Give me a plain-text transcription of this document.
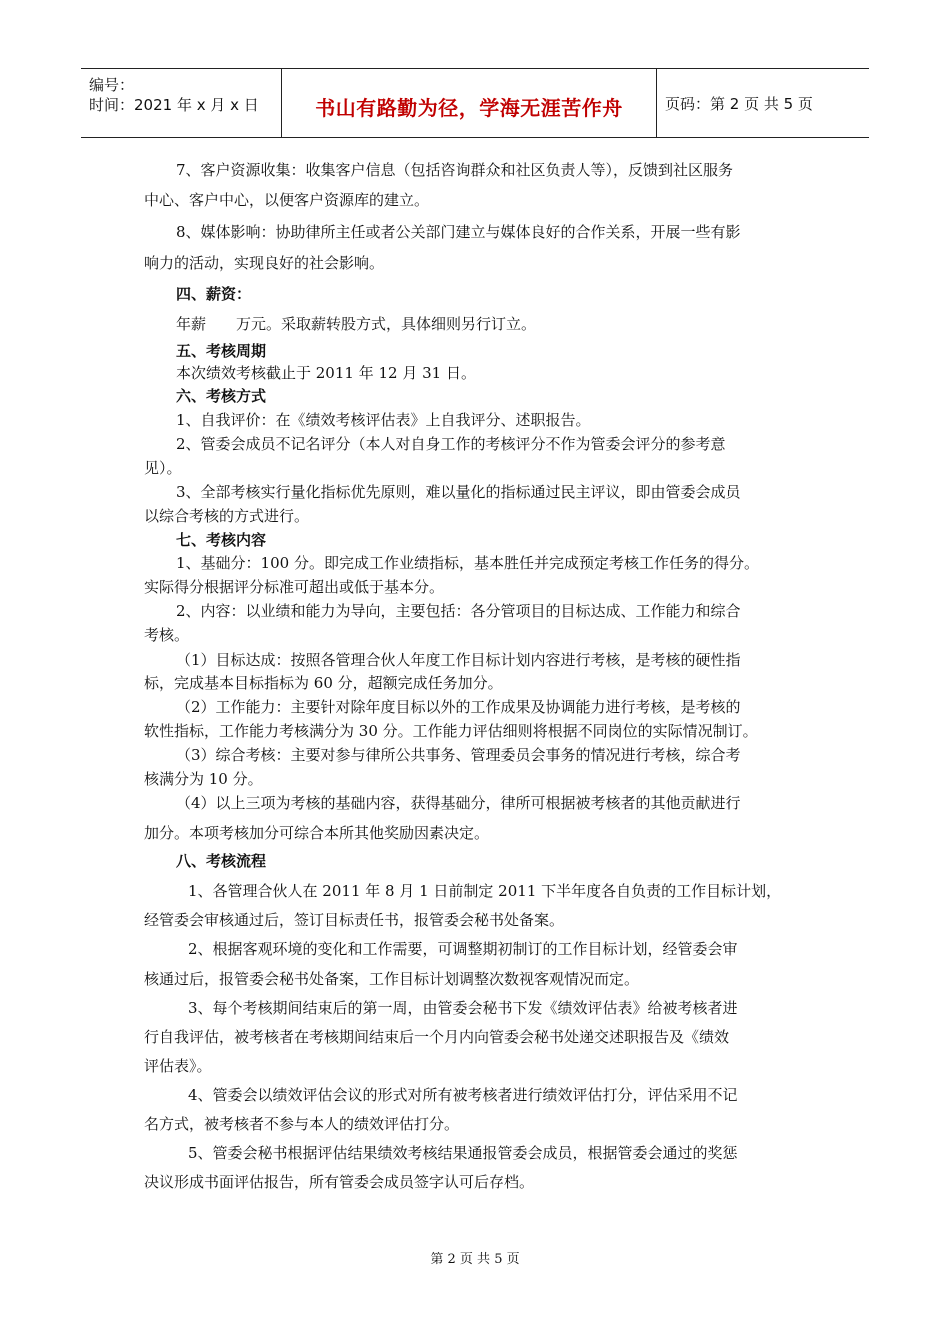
编号：
时间：2021 年 x 月 x 日	书山有路勤为径，学海无涯苦作舟	页码：第 2 页 共 5 页
7、客户资源收集：收集客户信息（包括咨询群众和社区负责人等），反馈到社区服务
中心、客户中心，以便客户资源库的建立。
8、媒体影响：协助律所主任或者公关部门建立与媒体良好的合作关系，开展一些有影
响力的活动，实现良好的社会影响。
四、薪资：
年薪　　万元。采取薪转股方式，具体细则另行订立。
五、考核周期
本次绩效考核截止于 2011 年 12 月 31 日。
六、考核方式
1、自我评价：在《绩效考核评估表》上自我评分、述职报告。
2、管委会成员不记名评分（本人对自身工作的考核评分不作为管委会评分的参考意
见）。
3、全部考核实行量化指标优先原则，难以量化的指标通过民主评议，即由管委会成员
以综合考核的方式进行。
七、考核内容
1、基础分：100 分。即完成工作业绩指标，基本胜任并完成预定考核工作任务的得分。
实际得分根据评分标准可超出或低于基本分。
2、内容：以业绩和能力为导向，主要包括：各分管项目的目标达成、工作能力和综合
考核。
（1）目标达成：按照各管理合伙人年度工作目标计划内容进行考核，是考核的硬性指
标，完成基本目标指标为 60 分，超额完成任务加分。
（2）工作能力：主要针对除年度目标以外的工作成果及协调能力进行考核，是考核的
软性指标，工作能力考核满分为 30 分。工作能力评估细则将根据不同岗位的实际情况制订。
（3）综合考核：主要对参与律所公共事务、管理委员会事务的情况进行考核，综合考
核满分为 10 分。
（4）以上三项为考核的基础内容，获得基础分，律所可根据被考核者的其他贡献进行
加分。本项考核加分可综合本所其他奖励因素决定。
八、考核流程
1、各管理合伙人在 2011 年 8 月 1 日前制定 2011 下半年度各自负责的工作目标计划，
经管委会审核通过后，签订目标责任书，报管委会秘书处备案。
2、根据客观环境的变化和工作需要，可调整期初制订的工作目标计划，经管委会审
核通过后，报管委会秘书处备案，工作目标计划调整次数视客观情况而定。
3、每个考核期间结束后的第一周，由管委会秘书下发《绩效评估表》给被考核者进
行自我评估，被考核者在考核期间结束后一个月内向管委会秘书处递交述职报告及《绩效
评估表》。
4、管委会以绩效评估会议的形式对所有被考核者进行绩效评估打分，评估采用不记
名方式，被考核者不参与本人的绩效评估打分。
5、管委会秘书根据评估结果绩效考核结果通报管委会成员，根据管委会通过的奖惩
决议形成书面评估报告，所有管委会成员签字认可后存档。
第 2 页 共 5 页
